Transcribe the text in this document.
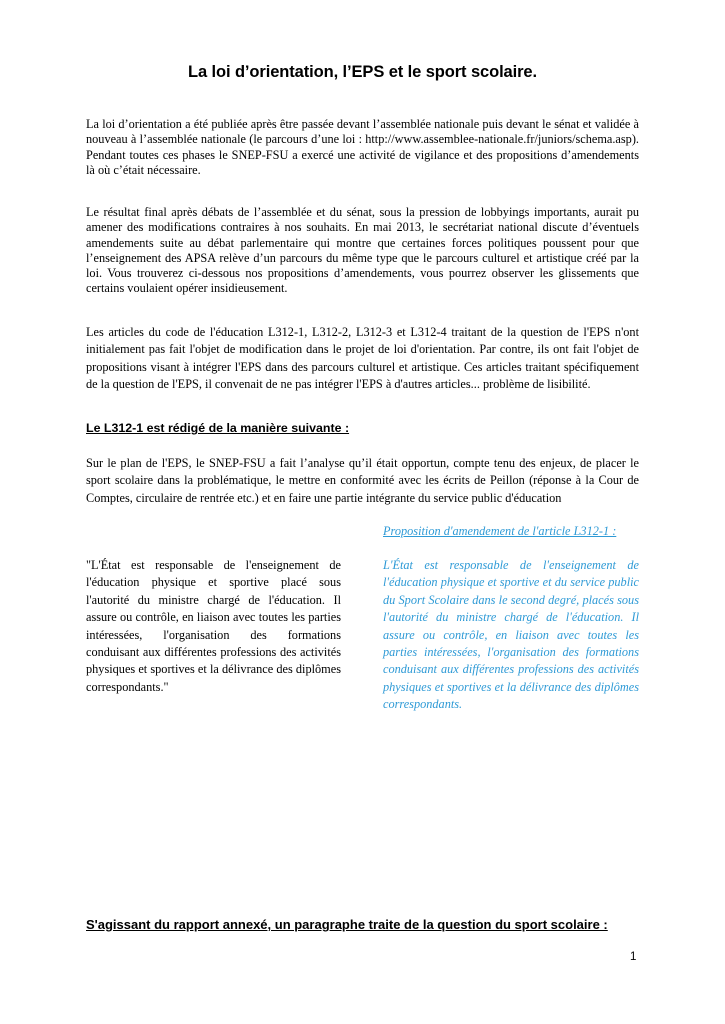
La loi d’orientation, l’EPS et le sport scolaire.

La loi d’orientation a été publiée après être passée devant l’assemblée nationale puis devant le sénat et validée à nouveau à l’assemblée nationale (le parcours d’une loi : http://www.assemblee-nationale.fr/juniors/schema.asp). Pendant toutes ces phases le SNEP-FSU a exercé une activité de vigilance et des propositions d’amendements là où c’était nécessaire.

Le résultat final après débats de l’assemblée et du sénat, sous la pression de lobbyings importants, aurait pu amener des modifications contraires à nos souhaits. En mai 2013, le secrétariat national discute d’éventuels amendements suite au débat parlementaire qui montre que certaines forces politiques poussent pour que l’enseignement des APSA relève d’un parcours du même type que le parcours culturel et artistique créé par la loi. Vous trouverez ci-dessous nos propositions d’amendements, vous pourrez observer les glissements que certains voulaient opérer insidieusement.

Les articles du code de l'éducation L312-1, L312-2, L312-3 et L312-4 traitant de la question de l'EPS n'ont initialement pas fait l'objet de modification dans le projet de loi d'orientation. Par contre, ils ont fait l'objet de propositions visant à intégrer l'EPS dans des parcours culturel et artistique. Ces articles traitant spécifiquement de la question de l'EPS, il convenait de ne pas intégrer l'EPS à d'autres articles... problème de lisibilité.

Le L312-1 est rédigé de la manière suivante :

Sur le plan de l'EPS, le SNEP-FSU a fait l’analyse qu’il était opportun, compte tenu des enjeux, de placer le sport scolaire dans la problématique, le mettre en conformité avec les écrits de Peillon (réponse à la Cour de Comptes, circulaire de rentrée etc.) et en faire une partie intégrante du service public d'éducation

"L'État est responsable de l'enseignement de l'éducation physique et sportive placé sous l'autorité du ministre chargé de l'éducation. Il assure ou contrôle, en liaison avec toutes les parties intéressées, l'organisation des formations conduisant aux différentes professions des activités physiques et sportives et la délivrance des diplômes correspondants."

Proposition d'amendement de l'article L312-1 :

L'État est responsable de l'enseignement de l'éducation physique et sportive et du service public du Sport Scolaire dans le second degré, placés sous l'autorité du ministre chargé de l'éducation. Il assure ou contrôle, en liaison avec toutes les parties intéressées, l'organisation des formations conduisant aux différentes professions des activités physiques et sportives et la délivrance des diplômes correspondants.

S'agissant du rapport annexé, un paragraphe traite de la question du sport scolaire :
1
